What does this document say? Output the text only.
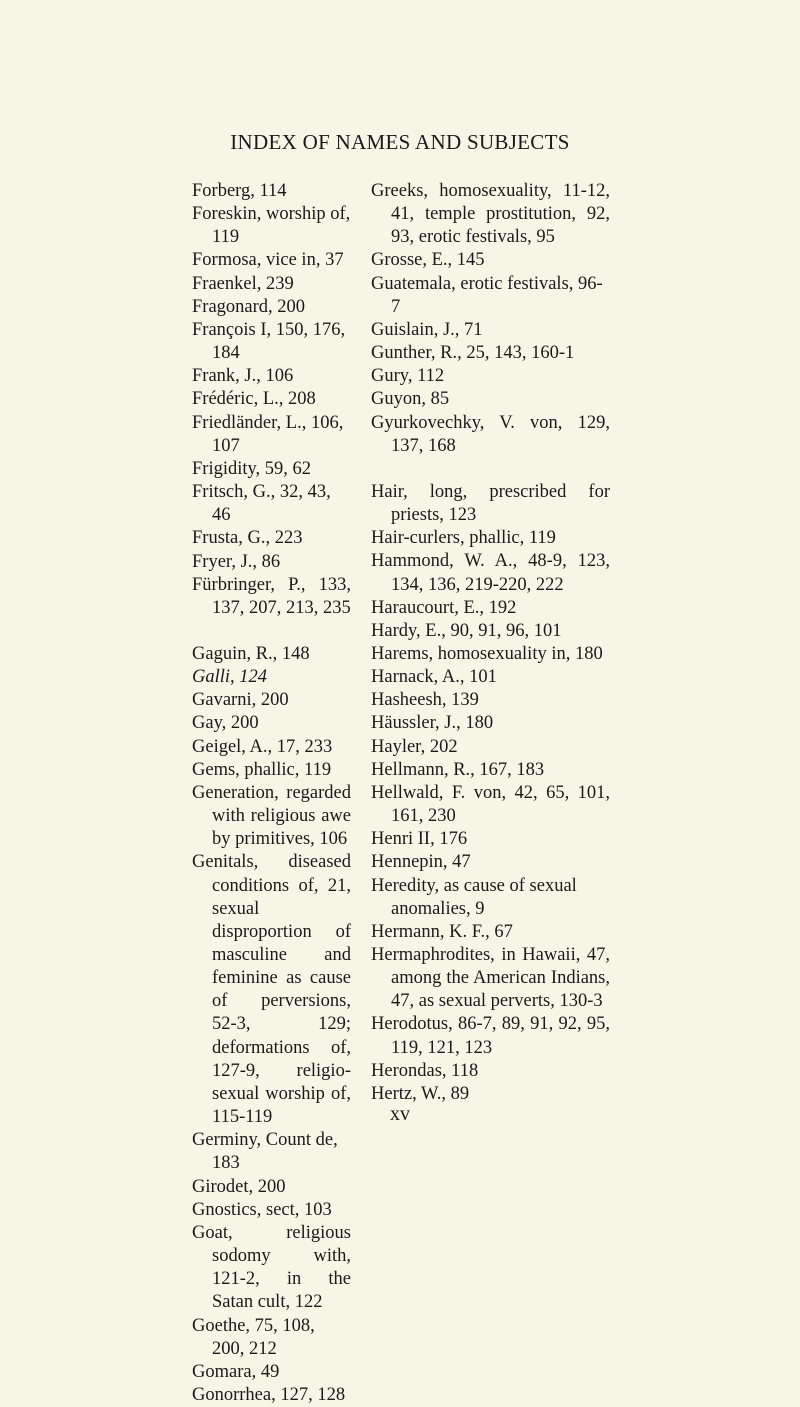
INDEX OF NAMES AND SUBJECTS
Forberg, 114
Foreskin, worship of, 119
Formosa, vice in, 37
Fraenkel, 239
Fragonard, 200
François I, 150, 176, 184
Frank, J., 106
Frédéric, L., 208
Friedländer, L., 106, 107
Frigidity, 59, 62
Fritsch, G., 32, 43, 46
Frusta, G., 223
Fryer, J., 86
Fürbringer, P., 133, 137, 207, 213, 235
Gaguin, R., 148
Galli, 124
Gavarni, 200
Gay, 200
Geigel, A., 17, 233
Gems, phallic, 119
Generation, regarded with religious awe by primitives, 106
Genitals, diseased conditions of, 21, sexual disproportion of masculine and feminine as cause of perversions, 52-3, 129; deformations of, 127-9, religio-sexual worship of, 115-119
Germiny, Count de, 183
Girodet, 200
Gnostics, sect, 103
Goat, religious sodomy with, 121-2, in the Satan cult, 122
Goethe, 75, 108, 200, 212
Gomara, 49
Gonorrhea, 127, 128
Greeks, homosexuality, 11-12, 41, temple prostitution, 92, 93, erotic festivals, 95
Grosse, E., 145
Guatemala, erotic festivals, 96-7
Guislain, J., 71
Gunther, R., 25, 143, 160-1
Gury, 112
Guyon, 85
Gyurkovechky, V. von, 129, 137, 168
Hair, long, prescribed for priests, 123
Hair-curlers, phallic, 119
Hammond, W. A., 48-9, 123, 134, 136, 219-220, 222
Haraucourt, E., 192
Hardy, E., 90, 91, 96, 101
Harems, homosexuality in, 180
Harnack, A., 101
Hasheesh, 139
Häussler, J., 180
Hayler, 202
Hellmann, R., 167, 183
Hellwald, F. von, 42, 65, 101, 161, 230
Henri II, 176
Hennepin, 47
Heredity, as cause of sexual anomalies, 9
Hermann, K. F., 67
Hermaphrodites, in Hawaii, 47, among the American Indians, 47, as sexual perverts, 130-3
Herodotus, 86-7, 89, 91, 92, 95, 119, 121, 123
Herondas, 118
Hertz, W., 89
xv
